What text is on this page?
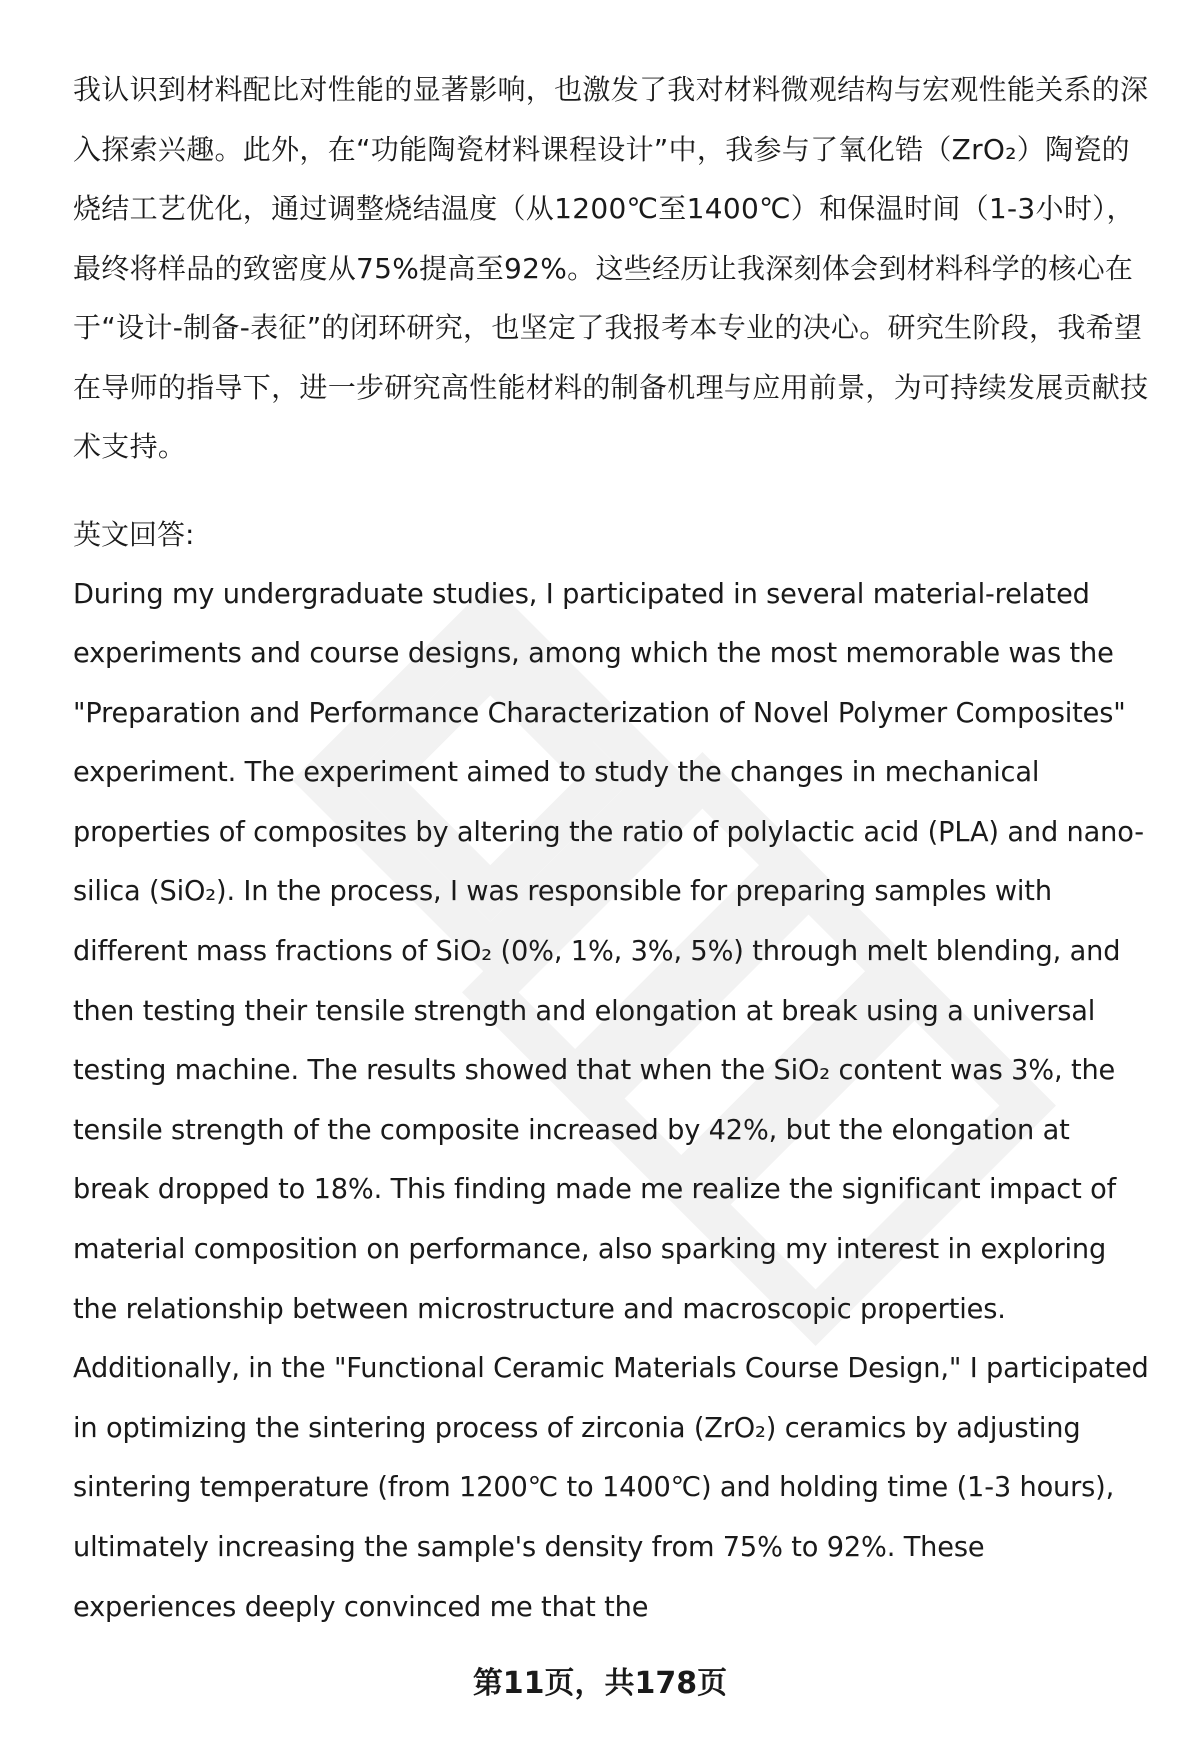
我认识到材料配比对性能的显著影响，也激发了我对材料微观结构与宏观性能关系的深入探索兴趣。此外，在“功能陶瓷材料课程设计”中，我参与了氧化锆（ZrO₂）陶瓷的烧结工艺优化，通过调整烧结温度（从1200℃至1400℃）和保温时间（1-3小时），最终将样品的致密度从75%提高至92%。这些经历让我深刻体会到材料科学的核心在于“设计-制备-表征”的闭环研究，也坚定了我报考本专业的决心。研究生阶段，我希望在导师的指导下，进一步研究高性能材料的制备机理与应用前景，为可持续发展贡献技术支持。

英文回答:

During my undergraduate studies, I participated in several material-related experiments and course designs, among which the most memorable was the "Preparation and Performance Characterization of Novel Polymer Composites" experiment. The experiment aimed to study the changes in mechanical properties of composites by altering the ratio of polylactic acid (PLA) and nano-silica (SiO₂). In the process, I was responsible for preparing samples with different mass fractions of SiO₂ (0%, 1%, 3%, 5%) through melt blending, and then testing their tensile strength and elongation at break using a universal testing machine. The results showed that when the SiO₂ content was 3%, the tensile strength of the composite increased by 42%, but the elongation at break dropped to 18%. This finding made me realize the significant impact of material composition on performance, also sparking my interest in exploring the relationship between microstructure and macroscopic properties. Additionally, in the "Functional Ceramic Materials Course Design," I participated in optimizing the sintering process of zirconia (ZrO₂) ceramics by adjusting sintering temperature (from 1200℃ to 1400℃) and holding time (1-3 hours), ultimately increasing the sample's density from 75% to 92%. These experiences deeply convinced me that the

第11页，共178页
